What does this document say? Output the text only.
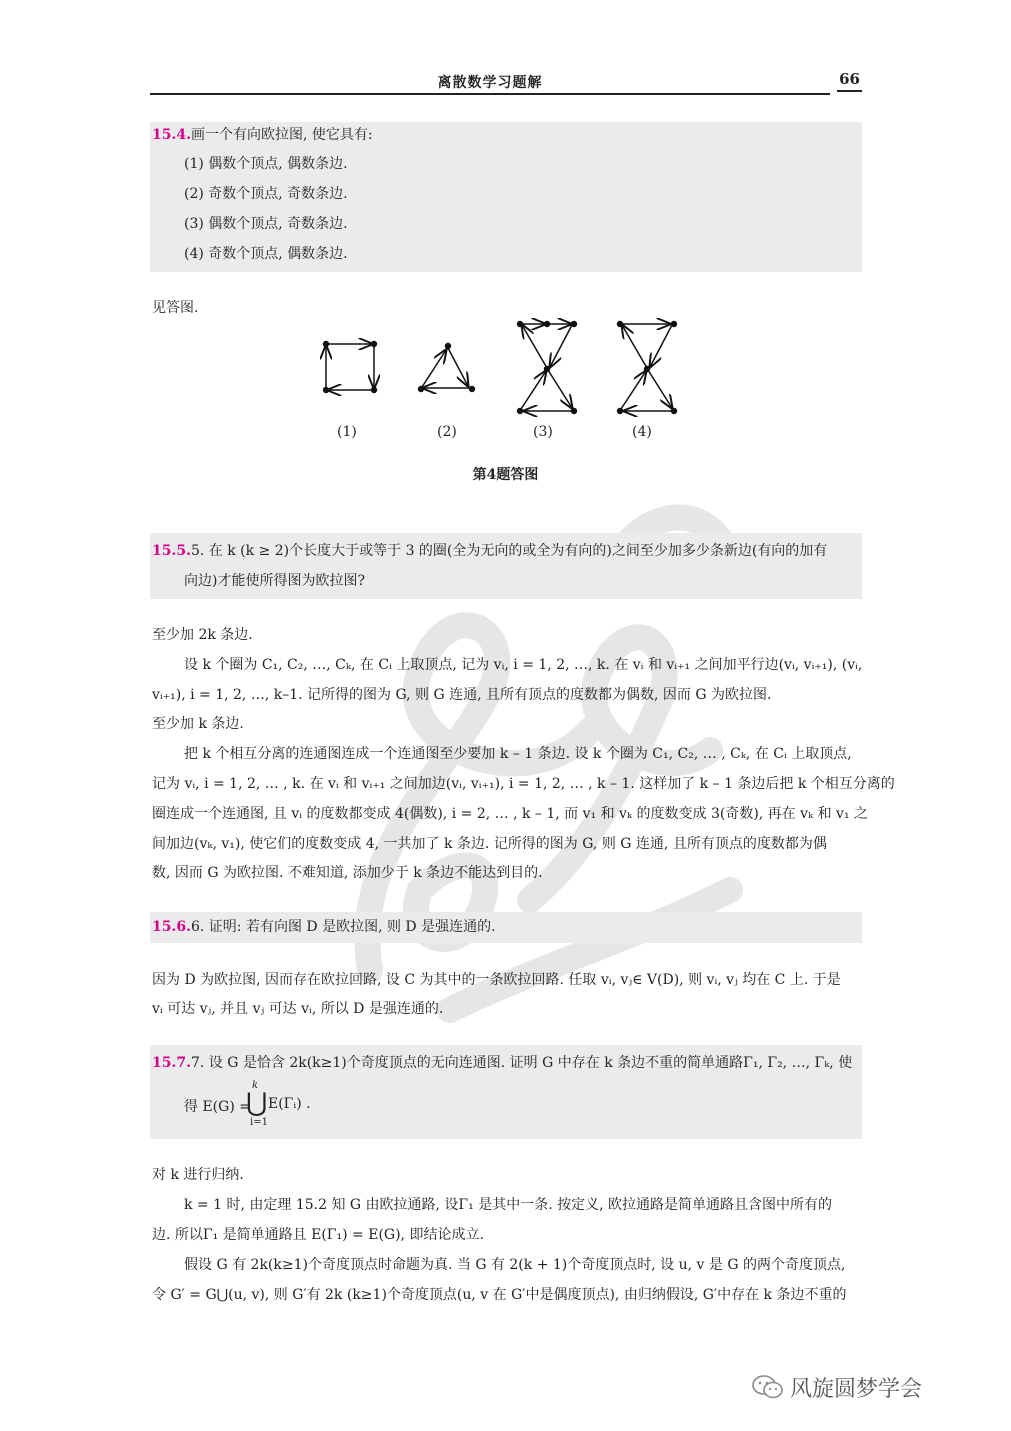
离散数学习题解	66
15.4.画一个有向欧拉图, 使它具有:
(1) 偶数个顶点, 偶数条边.
(2) 奇数个顶点, 奇数条边.
(3) 偶数个顶点, 奇数条边.
(4) 奇数个顶点, 偶数条边.
见答图.
(1)	(2)	(3)	(4)
第4题答图
15.5.5. 在 k (k ≥ 2)个长度大于或等于 3 的圈(全为无向的或全为有向的)之间至少加多少条新边(有向的加有
向边)才能使所得图为欧拉图?
至少加 2k 条边.
设 k 个圈为 C₁, C₂, …, Cₖ, 在 Cᵢ 上取顶点, 记为 vᵢ, i = 1, 2, …, k. 在 vᵢ 和 vᵢ₊₁ 之间加平行边(vᵢ, vᵢ₊₁), (vᵢ,
vᵢ₊₁), i = 1, 2, …, k–1. 记所得的图为 G, 则 G 连通, 且所有顶点的度数都为偶数, 因而 G 为欧拉图.
至少加 k 条边.
把 k 个相互分离的连通图连成一个连通图至少要加 k – 1 条边. 设 k 个圈为 C₁, C₂, … , Cₖ, 在 Cᵢ 上取顶点,
记为 vᵢ, i = 1, 2, … , k. 在 vᵢ 和 vᵢ₊₁ 之间加边(vᵢ, vᵢ₊₁), i = 1, 2, … , k – 1. 这样加了 k – 1 条边后把 k 个相互分离的
圈连成一个连通图, 且 vᵢ 的度数都变成 4(偶数), i = 2, … , k – 1, 而 v₁ 和 vₖ 的度数变成 3(奇数), 再在 vₖ 和 v₁ 之
间加边(vₖ, v₁), 使它们的度数变成 4, 一共加了 k 条边. 记所得的图为 G, 则 G 连通, 且所有顶点的度数都为偶
数, 因而 G 为欧拉图. 不难知道, 添加少于 k 条边不能达到目的.
15.6.6. 证明: 若有向图 D 是欧拉图, 则 D 是强连通的.
因为 D 为欧拉图, 因而存在欧拉回路, 设 C 为其中的一条欧拉回路. 任取 vᵢ, vⱼ∈ V(D), 则 vᵢ, vⱼ 均在 C 上. 于是
vᵢ 可达 vⱼ, 并且 vⱼ 可达 vᵢ, 所以 D 是强连通的.
15.7.7. 设 G 是恰含 2k(k≥1)个奇度顶点的无向连通图. 证明 G 中存在 k 条边不重的简单通路Γ₁, Γ₂, …, Γₖ, 使
得 E(G) =
k
⋃
i=1
E(Γᵢ) .
对 k 进行归纳.
k = 1 时, 由定理 15.2 知 G 由欧拉通路, 设Γ₁ 是其中一条. 按定义, 欧拉通路是简单通路且含图中所有的
边. 所以Γ₁ 是简单通路且 E(Γ₁) = E(G), 即结论成立.
假设 G 有 2k(k≥1)个奇度顶点时命题为真. 当 G 有 2(k + 1)个奇度顶点时, 设 u, v 是 G 的两个奇度顶点,
令 G′ = G⋃(u, v), 则 G′有 2k (k≥1)个奇度顶点(u, v 在 G′中是偶度顶点), 由归纳假设, G′中存在 k 条边不重的
风旋圆梦学会
